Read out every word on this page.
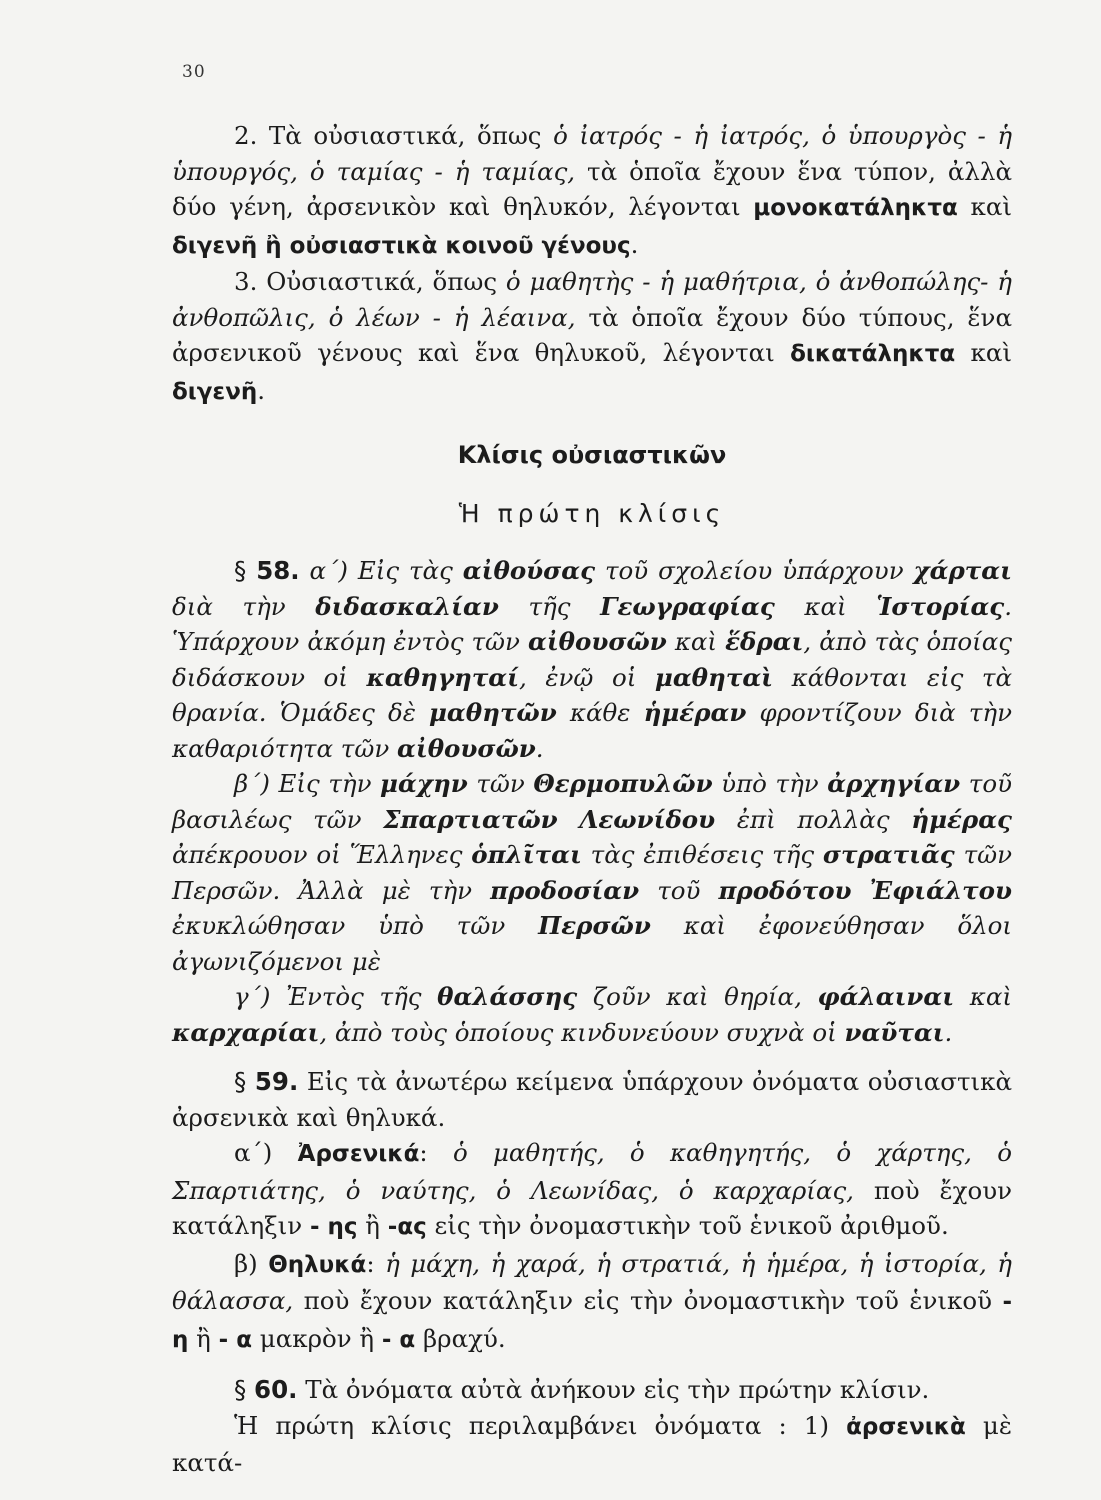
30

2. Τὰ οὐσιαστικά, ὅπως ὁ ἰατρός - ἡ ἰατρός, ὁ ὑπουργὸς - ἡ ὑπουργός, ὁ ταμίας - ἡ ταμίας, τὰ ὁποῖα ἔχουν ἕνα τύπον, ἀλλὰ δύο γένη, ἀρσενικὸν καὶ θηλυκόν, λέγονται μονοκατάληκτα καὶ διγενῆ ἢ οὐσιαστικὰ κοινοῦ γένους.

3. Οὐσιαστικά, ὅπως ὁ μαθητὴς - ἡ μαθήτρια, ὁ ἀνθοπώλης- ἡ ἀνθοπῶλις, ὁ λέων - ἡ λέαινα, τὰ ὁποῖα ἔχουν δύο τύπους, ἕνα ἀρσενικοῦ γένους καὶ ἕνα θηλυκοῦ, λέγονται δικατάληκτα καὶ διγενῆ.

Κλίσις οὐσιαστικῶν

Ἡ πρώτη κλίσις

§ 58. α΄) Εἰς τὰς αἰθούσας τοῦ σχολείου ὑπάρχουν χάρται διὰ τὴν διδασκαλίαν τῆς Γεωγραφίας καὶ Ἱστορίας. Ὑπάρχουν ἀκόμη ἐντὸς τῶν αἰθουσῶν καὶ ἕδραι, ἀπὸ τὰς ὁποίας διδάσκουν οἱ καθηγηταί, ἐνῷ οἱ μαθηταὶ κάθονται εἰς τὰ θρανία. Ὁμάδες δὲ μαθητῶν κάθε ἡμέραν φροντίζουν διὰ τὴν καθαριότητα τῶν αἰθουσῶν.

β΄) Εἰς τὴν μάχην τῶν Θερμοπυλῶν ὑπὸ τὴν ἀρχηγίαν τοῦ βασιλέως τῶν Σπαρτιατῶν Λεωνίδου ἐπὶ πολλὰς ἡμέρας ἀπέκρουον οἱ Ἕλληνες ὁπλῖται τὰς ἐπιθέσεις τῆς στρατιᾶς τῶν Περσῶν. Ἀλλὰ μὲ τὴν προδοσίαν τοῦ προδότου Ἐφιάλτου ἐκυκλώθησαν ὑπὸ τῶν Περσῶν καὶ ἐφονεύθησαν ὅλοι ἀγωνιζόμενοι μὲ

γ΄) Ἐντὸς τῆς θαλάσσης ζοῦν καὶ θηρία, φάλαιναι καὶ καρχαρίαι, ἀπὸ τοὺς ὁποίους κινδυνεύουν συχνὰ οἱ ναῦται.

§ 59. Εἰς τὰ ἀνωτέρω κείμενα ὑπάρχουν ὀνόματα οὐσιαστικὰ ἀρσενικὰ καὶ θηλυκά.

α΄) Ἀρσενικά: ὁ μαθητής, ὁ καθηγητής, ὁ χάρτης, ὁ Σπαρτιάτης, ὁ ναύτης, ὁ Λεωνίδας, ὁ καρχαρίας, ποὺ ἔχουν κατάληξιν - ης ἢ -ας εἰς τὴν ὀνομαστικὴν τοῦ ἑνικοῦ ἀριθμοῦ.

β) Θηλυκά: ἡ μάχη, ἡ χαρά, ἡ στρατιά, ἡ ἡμέρα, ἡ ἱστορία, ἡ θάλασσα, ποὺ ἔχουν κατάληξιν εἰς τὴν ὀνομαστικὴν τοῦ ἑνικοῦ - η ἢ - α μακρὸν ἢ - α βραχύ.

§ 60. Τὰ ὀνόματα αὐτὰ ἀνήκουν εἰς τὴν πρώτην κλίσιν.

Ἡ πρώτη κλίσις περιλαμβάνει ὀνόματα : 1) ἀρσενικὰ μὲ κατά-
